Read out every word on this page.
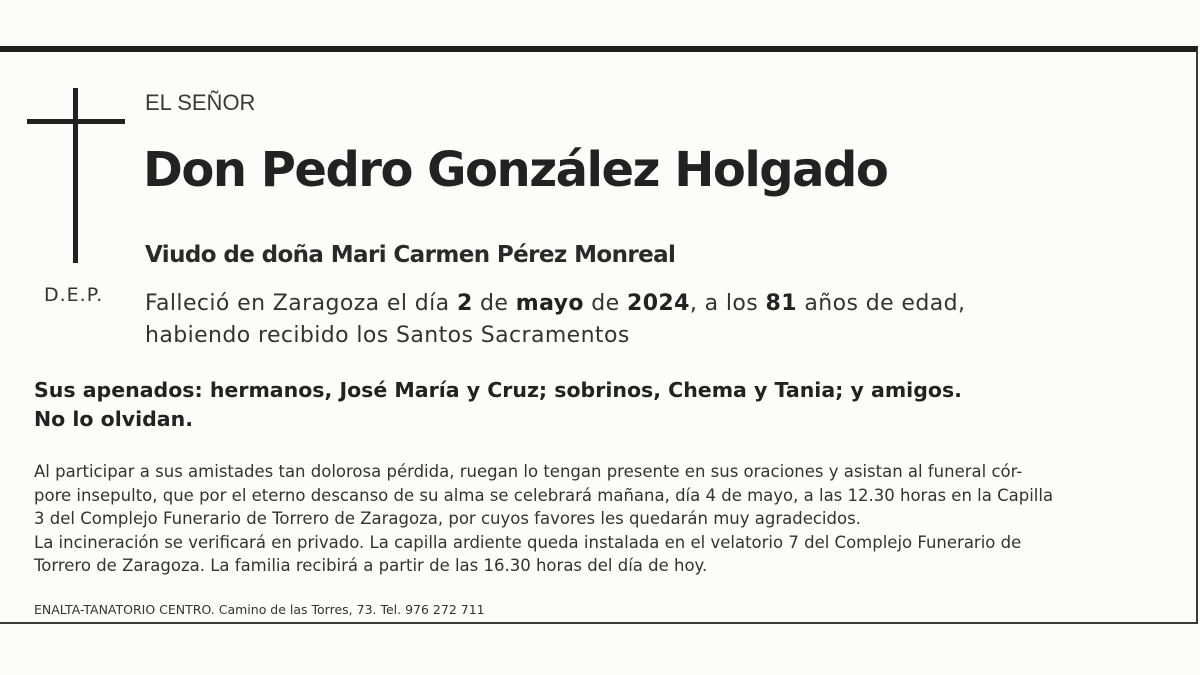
D.E.P.
EL SEÑOR
Don Pedro González Holgado
Viudo de doña Mari Carmen Pérez Monreal
Falleció en Zaragoza el día 2 de mayo de 2024, a los 81 años de edad,
habiendo recibido los Santos Sacramentos
Sus apenados: hermanos, José María y Cruz; sobrinos, Chema y Tania; y amigos.
No lo olvidan.

Al participar a sus amistades tan dolorosa pérdida, ruegan lo tengan presente en sus oraciones y asistan al funeral cór-

pore insepulto, que por el eterno descanso de su alma se celebrará mañana, día 4 de mayo, a las 12.30 horas en la Capilla

3 del Complejo Funerario de Torrero de Zaragoza, por cuyos favores les quedarán muy agradecidos.

La incineración se verificará en privado. La capilla ardiente queda instalada en el velatorio 7 del Complejo Funerario de

Torrero de Zaragoza. La familia recibirá a partir de las 16.30 horas del día de hoy.

ENALTA-TANATORIO CENTRO. Camino de las Torres, 73. Tel. 976 272 711
